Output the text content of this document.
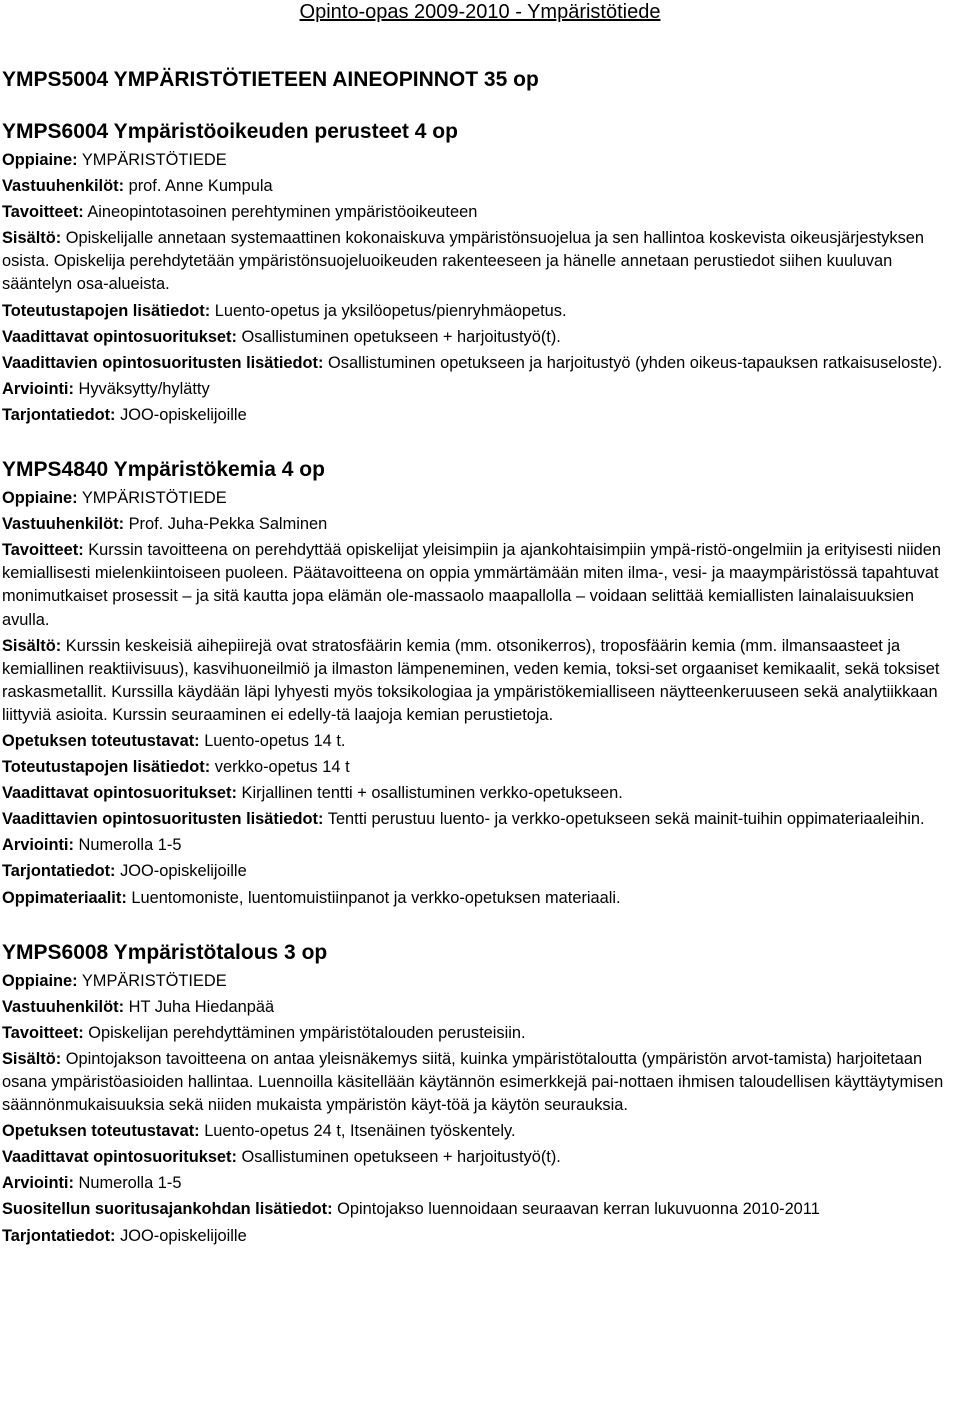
Opinto-opas 2009-2010 - Ympäristötiede
YMPS5004 YMPÄRISTÖTIETEEN AINEOPINNOT 35 op
YMPS6004 Ympäristöoikeuden perusteet 4 op

Oppiaine: YMPÄRISTÖTIEDE

Vastuuhenkilöt: prof. Anne Kumpula

Tavoitteet: Aineopintotasoinen perehtyminen ympäristöoikeuteen

Sisältö: Opiskelijalle annetaan systemaattinen kokonaiskuva ympäristönsuojelua ja sen hallintoa koskevista oikeusjärjestyksen osista. Opiskelija perehdytetään ympäristönsuojeluoikeuden rakenteeseen ja hänelle annetaan perustiedot siihen kuuluvan sääntelyn osa-alueista.

Toteutustapojen lisätiedot: Luento-opetus ja yksilöopetus/pienryhmäopetus.

Vaadittavat opintosuoritukset: Osallistuminen opetukseen + harjoitustyö(t).

Vaadittavien opintosuoritusten lisätiedot: Osallistuminen opetukseen ja harjoitustyö (yhden oikeus-tapauksen ratkaisuseloste).

Arviointi: Hyväksytty/hylätty

Tarjontatiedot: JOO-opiskelijoille

YMPS4840 Ympäristökemia 4 op

Oppiaine: YMPÄRISTÖTIEDE

Vastuuhenkilöt: Prof. Juha-Pekka Salminen

Tavoitteet: Kurssin tavoitteena on perehdyttää opiskelijat yleisimpiin ja ajankohtaisimpiin ympä-ristö-ongelmiin ja erityisesti niiden kemiallisesti mielenkiintoiseen puoleen. Päätavoitteena on oppia ymmärtämään miten ilma-, vesi- ja maaympäristössä tapahtuvat monimutkaiset prosessit – ja sitä kautta jopa elämän ole-massaolo maapallolla – voidaan selittää kemiallisten lainalaisuuksien avulla.

Sisältö: Kurssin keskeisiä aihepiirejä ovat stratosfäärin kemia (mm. otsonikerros), troposfäärin kemia (mm. ilmansaasteet ja kemiallinen reaktiivisuus), kasvihuoneilmiö ja ilmaston lämpeneminen, veden kemia, toksi-set orgaaniset kemikaalit, sekä toksiset raskasmetallit. Kurssilla käydään läpi lyhyesti myös toksikologiaa ja ympäristökemialliseen näytteenkeruuseen sekä analytiikkaan liittyviä asioita. Kurssin seuraaminen ei edelly-tä laajoja kemian perustietoja.

Opetuksen toteutustavat: Luento-opetus 14 t.

Toteutustapojen lisätiedot: verkko-opetus 14 t

Vaadittavat opintosuoritukset: Kirjallinen tentti + osallistuminen verkko-opetukseen.

Vaadittavien opintosuoritusten lisätiedot: Tentti perustuu luento- ja verkko-opetukseen sekä mainit-tuihin oppimateriaaleihin.

Arviointi: Numerolla 1-5

Tarjontatiedot: JOO-opiskelijoille

Oppimateriaalit: Luentomoniste, luentomuistiinpanot ja verkko-opetuksen materiaali.

YMPS6008 Ympäristötalous 3 op

Oppiaine: YMPÄRISTÖTIEDE

Vastuuhenkilöt: HT Juha Hiedanpää

Tavoitteet: Opiskelijan perehdyttäminen ympäristötalouden perusteisiin.

Sisältö: Opintojakson tavoitteena on antaa yleisnäkemys siitä, kuinka ympäristötaloutta (ympäristön arvot-tamista) harjoitetaan osana ympäristöasioiden hallintaa. Luennoilla käsitellään käytännön esimerkkejä pai-nottaen ihmisen taloudellisen käyttäytymisen säännönmukaisuuksia sekä niiden mukaista ympäristön käyt-töä ja käytön seurauksia.

Opetuksen toteutustavat: Luento-opetus 24 t, Itsenäinen työskentely.

Vaadittavat opintosuoritukset: Osallistuminen opetukseen + harjoitustyö(t).

Arviointi: Numerolla 1-5

Suositellun suoritusajankohdan lisätiedot: Opintojakso luennoidaan seuraavan kerran lukuvuonna 2010-2011

Tarjontatiedot: JOO-opiskelijoille
